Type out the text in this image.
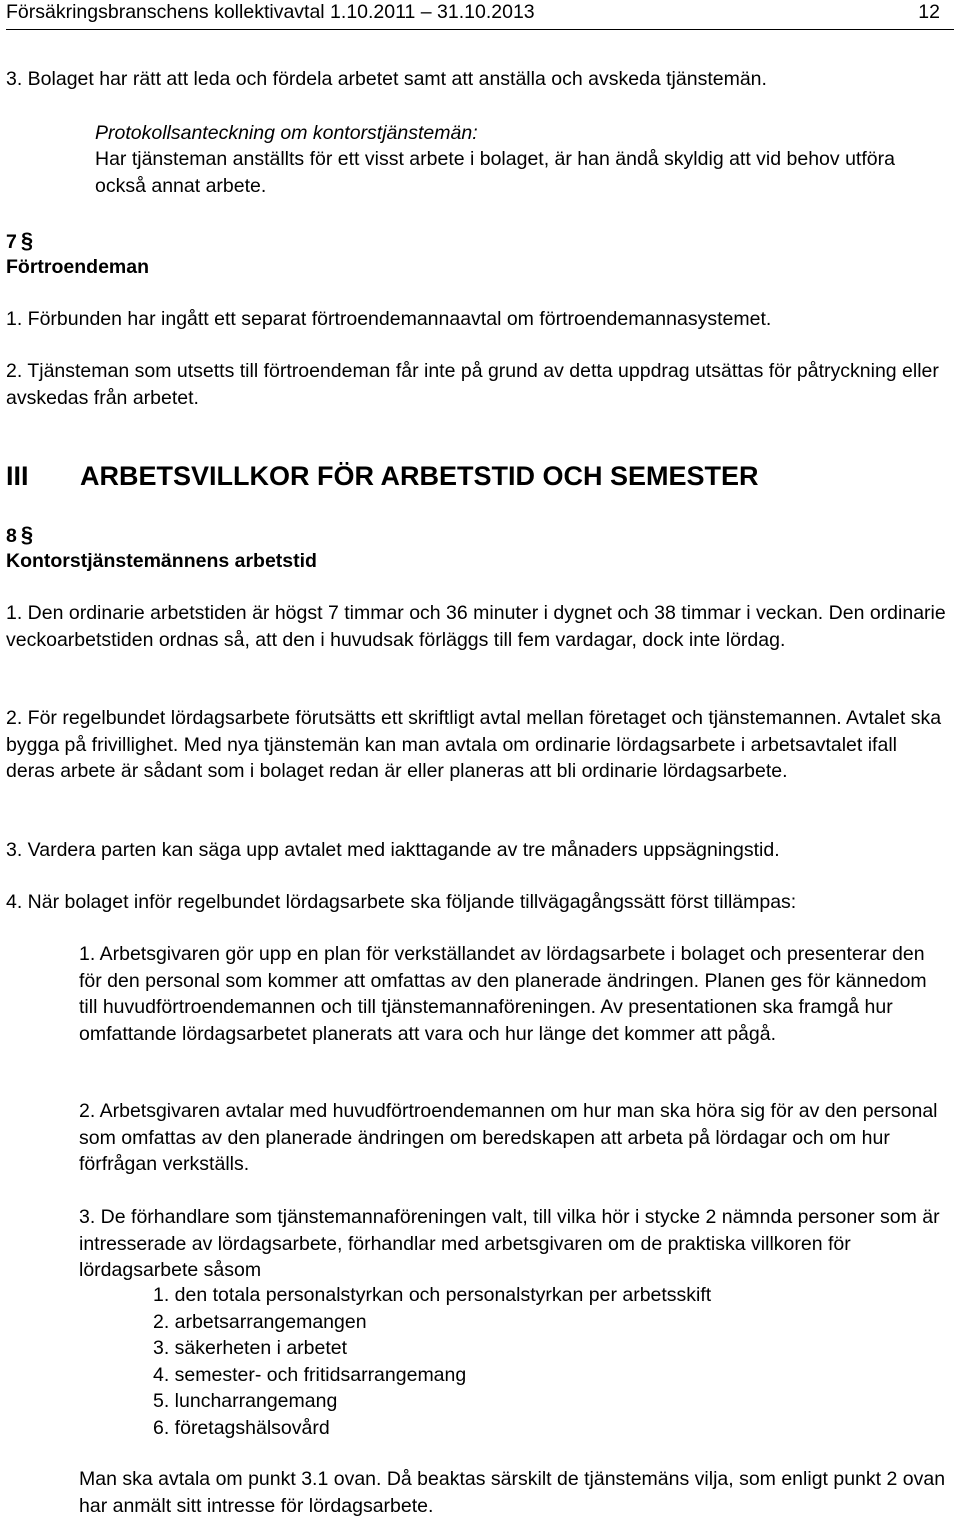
Försäkringsbranschens kollektivavtal 1.10.2011 – 31.10.2013	12

3. Bolaget har rätt att leda och fördela arbetet samt att anställa och avskeda tjänstemän.

Protokollsanteckning om kontorstjänstemän:

Har tjänsteman anställts för ett visst arbete i bolaget, är han ändå skyldig att vid behov utföra också annat arbete.

7 §
Förtroendeman

1. Förbunden har ingått ett separat förtroendemannaavtal om förtroendemannasystemet.

2. Tjänsteman som utsetts till förtroendeman får inte på grund av detta uppdrag utsättas för påtryckning eller avskedas från arbetet.

III ARBETSVILLKOR FÖR ARBETSTID OCH SEMESTER
8 §
Kontorstjänstemännens arbetstid

1. Den ordinarie arbetstiden är högst 7 timmar och 36 minuter i dygnet och 38 timmar i veckan. Den ordinarie veckoarbetstiden ordnas så, att den i huvudsak förläggs till fem vardagar, dock inte lördag.

2. För regelbundet lördagsarbete förutsätts ett skriftligt avtal mellan företaget och tjänstemannen. Avtalet ska bygga på frivillighet. Med nya tjänstemän kan man avtala om ordinarie lördagsarbete i arbetsavtalet ifall deras arbete är sådant som i bolaget redan är eller planeras att bli ordinarie lördagsarbete.

3. Vardera parten kan säga upp avtalet med iakttagande av tre månaders uppsägningstid.

4. När bolaget inför regelbundet lördagsarbete ska följande tillvägagångssätt först tillämpas:

1. Arbetsgivaren gör upp en plan för verkställandet av lördagsarbete i bolaget och presenterar den för den personal som kommer att omfattas av den planerade ändringen. Planen ges för kännedom till huvudförtroendemannen och till tjänstemannaföreningen. Av presentationen ska framgå hur omfattande lördagsarbetet planerats att vara och hur länge det kommer att pågå.

2. Arbetsgivaren avtalar med huvudförtroendemannen om hur man ska höra sig för av den personal som omfattas av den planerade ändringen om beredskapen att arbeta på lördagar och om hur förfrågan verkställs.

3. De förhandlare som tjänstemannaföreningen valt, till vilka hör i stycke 2 nämnda personer som är intresserade av lördagsarbete, förhandlar med arbetsgivaren om de praktiska villkoren för lördagsarbete såsom

1. den totala personalstyrkan och personalstyrkan per arbetsskift
2. arbetsarrangemangen
3. säkerheten i arbetet
4. semester- och fritidsarrangemang
5. luncharrangemang
6. företagshälsovård

Man ska avtala om punkt 3.1 ovan. Då beaktas särskilt de tjänstemäns vilja, som enligt punkt 2 ovan har anmält sitt intresse för lördagsarbete.
